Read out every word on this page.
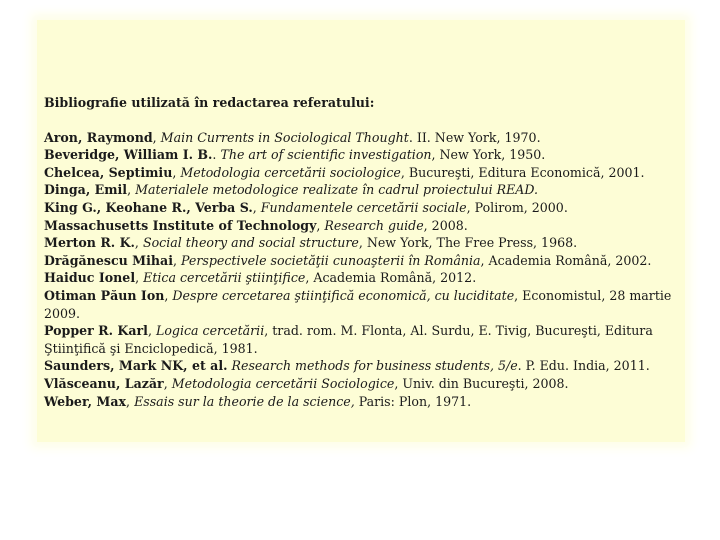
Bibliografie utilizată în redactarea referatului:

Aron, Raymond, Main Currents in Sociological Thought. II. New York, 1970.

Beveridge, William I. B.. The art of scientific investigation, New York, 1950.

Chelcea, Septimiu, Metodologia cercetării sociologice, Bucureşti, Editura Economică, 2001.

Dinga, Emil, Materialele metodologice realizate în cadrul proiectului READ.

King G., Keohane R., Verba S., Fundamentele cercetării sociale, Polirom, 2000.

Massachusetts Institute of Technology, Research guide, 2008.

Merton R. K., Social theory and social structure, New York, The Free Press, 1968.

Drăgănescu Mihai, Perspectivele societăţii cunoaşterii în România, Academia Română, 2002.

Haiduc Ionel, Etica cercetării ştiinţifice, Academia Română, 2012.

Otiman Păun Ion, Despre cercetarea ştiinţifică economică, cu luciditate, Economistul, 28 martie 2009.

Popper R. Karl, Logica cercetării, trad. rom. M. Flonta, Al. Surdu, E. Tivig, Bucureşti, Editura Ştiinţifică şi Enciclopedică, 1981.

Saunders, Mark NK, et al. Research methods for business students, 5/e. P. Edu. India, 2011.

Vlăsceanu, Lazăr, Metodologia cercetării Sociologice, Univ. din Bucureşti, 2008.

Weber, Max, Essais sur la theorie de la science, Paris: Plon, 1971.
